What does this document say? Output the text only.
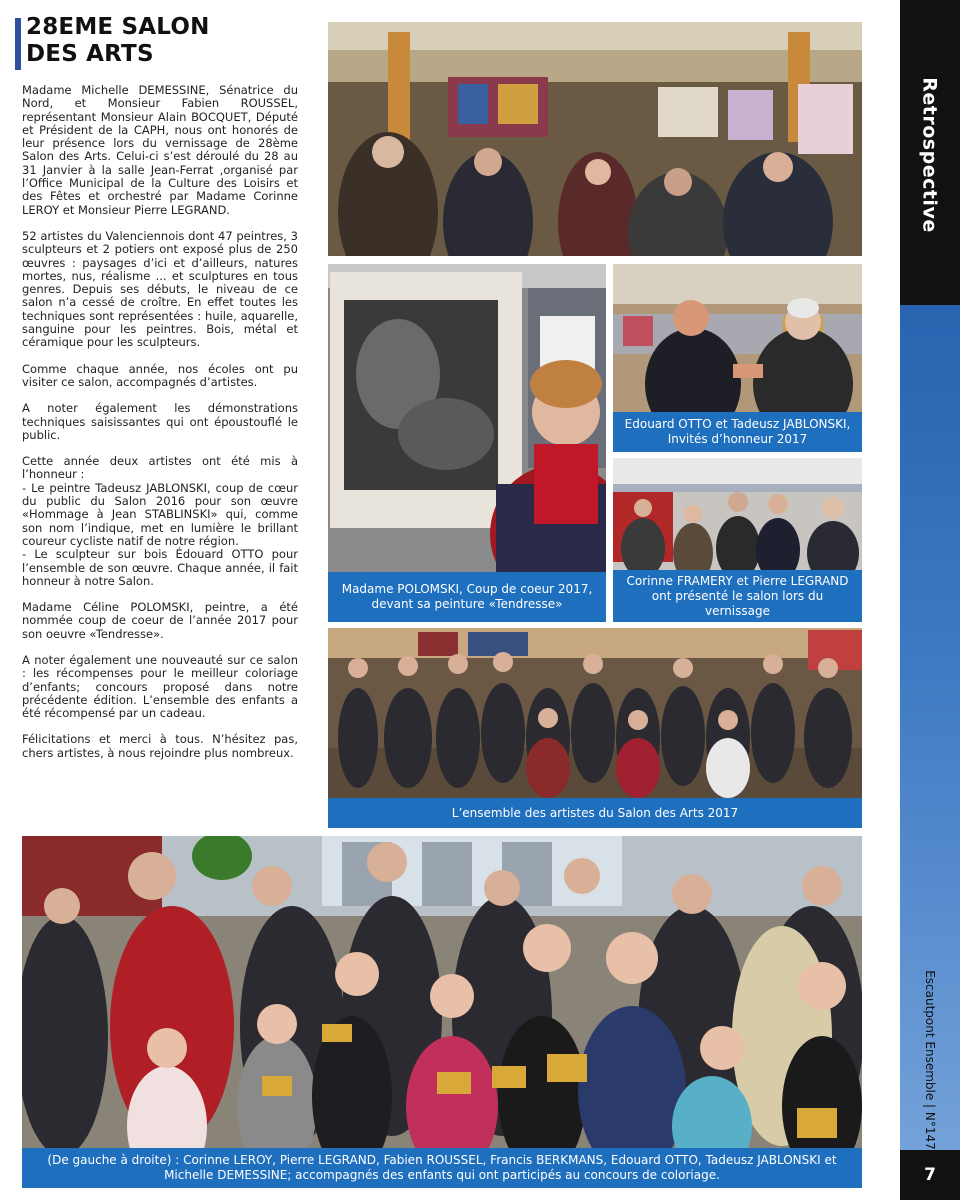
28EME SALON
DES ARTS

Madame Michelle DEMESSINE, Sénatrice du Nord, et Monsieur Fabien ROUSSEL, représentant Monsieur Alain BOCQUET, Député et Président de la CAPH, nous ont honorés de leur présence lors du vernissage de 28ème Salon des Arts. Celui-ci s’est déroulé du 28 au 31 Janvier à la salle Jean-Ferrat ,organisé par l’Office Municipal de la Culture des Loisirs et des Fêtes et orchestré par Madame Corinne LEROY et Monsieur Pierre LEGRAND.

52 artistes du Valenciennois dont 47 peintres, 3 sculpteurs et 2 potiers ont exposé plus de 250 œuvres : paysages d’ici et d’ailleurs, natures mortes, nus, réalisme ... et sculptures en tous genres. Depuis ses débuts, le niveau de ce salon n’a cessé de croître. En effet toutes les techniques sont représentées : huile, aquarelle, sanguine pour les peintres. Bois, métal et céramique pour les sculpteurs.

Comme chaque année, nos écoles ont pu visiter ce salon, accompagnés d’artistes.

A noter également les démonstrations techniques saisissantes qui ont époustouflé le public.

Cette année deux artistes ont été mis à l’honneur :

- Le peintre Tadeusz JABLONSKI, coup de cœur du public du Salon 2016 pour son œuvre «Hommage à Jean STABLINSKI» qui, comme son nom l’indique, met en lumière le brillant coureur cycliste natif de notre région.

- Le sculpteur sur bois Édouard OTTO pour l’ensemble de son œuvre. Chaque année, il fait honneur à notre Salon.

Madame Céline POLOMSKI, peintre, a été nommée coup de coeur de l’année 2017 pour son oeuvre «Tendresse».

A noter également une nouveauté sur ce salon : les récompenses pour le meilleur coloriage d’enfants; concours proposé dans notre précédente édition. L’ensemble des enfants a été récompensé par un cadeau.

Félicitations et merci à tous. N’hésitez pas, chers artistes, à nous rejoindre plus nombreux.

Madame POLOMSKI, Coup de coeur 2017, devant sa peinture «Tendresse»
Edouard OTTO et Tadeusz JABLONSKI, Invités d’honneur 2017
Corinne FRAMERY et Pierre LEGRAND ont présenté le salon lors du vernissage
L’ensemble des artistes du Salon des Arts 2017
(De gauche à droite) : Corinne LEROY, Pierre LEGRAND, Fabien ROUSSEL, Francis BERKMANS, Edouard OTTO, Tadeusz JABLONSKI et Michelle DEMESSINE; accompagnés des enfants qui ont participés au concours de coloriage.
Retrospective
Escautpont Ensemble | N°147
7
